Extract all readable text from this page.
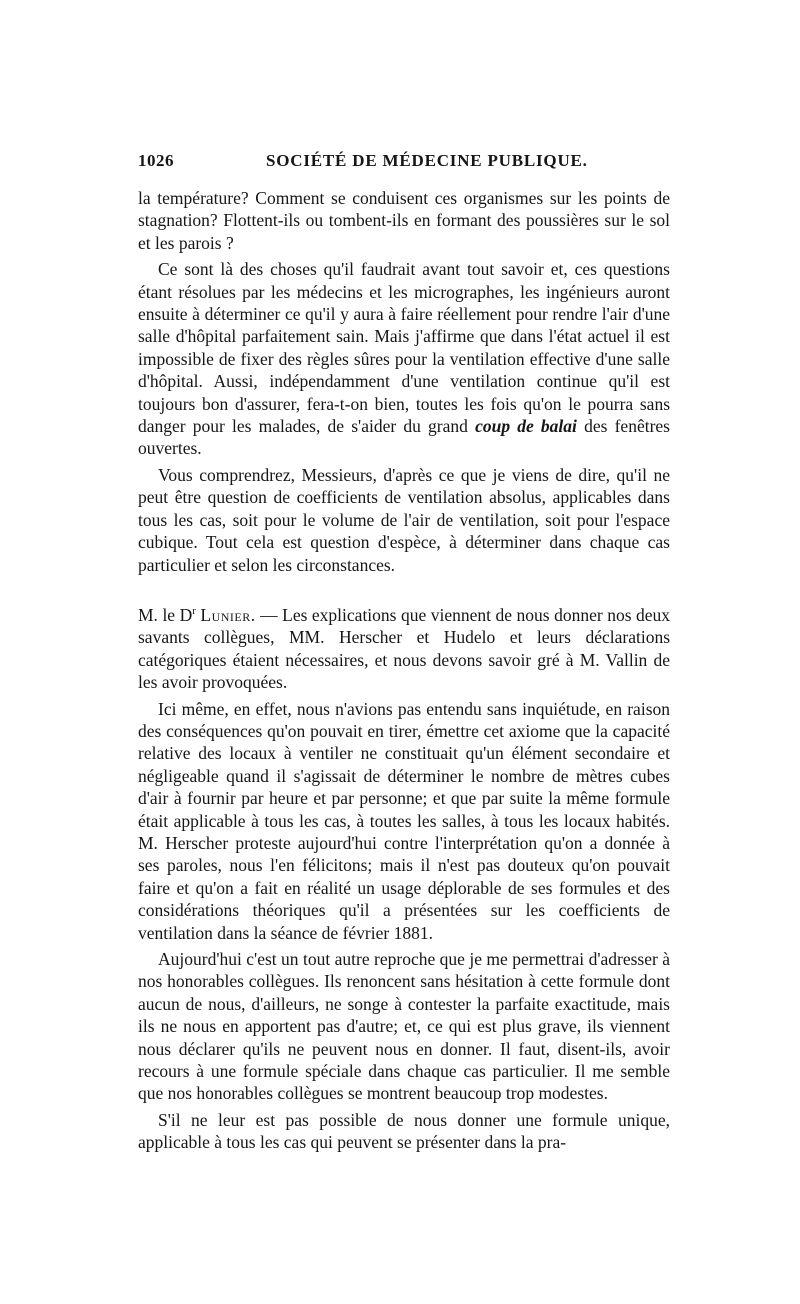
1026	SOCIÉTÉ DE MÉDECINE PUBLIQUE.

la température? Comment se conduisent ces organismes sur les points de stagnation? Flottent-ils ou tombent-ils en formant des poussières sur le sol et les parois ?

Ce sont là des choses qu'il faudrait avant tout savoir et, ces questions étant résolues par les médecins et les micrographes, les ingénieurs auront ensuite à déterminer ce qu'il y aura à faire réellement pour rendre l'air d'une salle d'hôpital parfaitement sain. Mais j'affirme que dans l'état actuel il est impossible de fixer des règles sûres pour la ventilation effective d'une salle d'hôpital. Aussi, indépendamment d'une ventilation continue qu'il est toujours bon d'assurer, fera-t-on bien, toutes les fois qu'on le pourra sans danger pour les malades, de s'aider du grand coup de balai des fenêtres ouvertes.

Vous comprendrez, Messieurs, d'après ce que je viens de dire, qu'il ne peut être question de coefficients de ventilation absolus, applicables dans tous les cas, soit pour le volume de l'air de ventilation, soit pour l'espace cubique. Tout cela est question d'espèce, à déterminer dans chaque cas particulier et selon les circonstances.

M. le $D^r$ Lunier. — Les explications que viennent de nous donner nos deux savants collègues, MM. Herscher et Hudelo et leurs déclarations catégoriques étaient nécessaires, et nous devons savoir gré à M. Vallin de les avoir provoquées.

Ici même, en effet, nous n'avions pas entendu sans inquiétude, en raison des conséquences qu'on pouvait en tirer, émettre cet axiome que la capacité relative des locaux à ventiler ne constituait qu'un élément secondaire et négligeable quand il s'agissait de déterminer le nombre de mètres cubes d'air à fournir par heure et par personne; et que par suite la même formule était applicable à tous les cas, à toutes les salles, à tous les locaux habités. M. Herscher proteste aujourd'hui contre l'interprétation qu'on a donnée à ses paroles, nous l'en félicitons; mais il n'est pas douteux qu'on pouvait faire et qu'on a fait en réalité un usage déplorable de ses formules et des considérations théoriques qu'il a présentées sur les coefficients de ventilation dans la séance de février 1881.

Aujourd'hui c'est un tout autre reproche que je me permettrai d'adresser à nos honorables collègues. Ils renoncent sans hésitation à cette formule dont aucun de nous, d'ailleurs, ne songe à contester la parfaite exactitude, mais ils ne nous en apportent pas d'autre; et, ce qui est plus grave, ils viennent nous déclarer qu'ils ne peuvent nous en donner. Il faut, disent-ils, avoir recours à une formule spéciale dans chaque cas particulier. Il me semble que nos honorables collègues se montrent beaucoup trop modestes.

S'il ne leur est pas possible de nous donner une formule unique, applicable à tous les cas qui peuvent se présenter dans la pra-
